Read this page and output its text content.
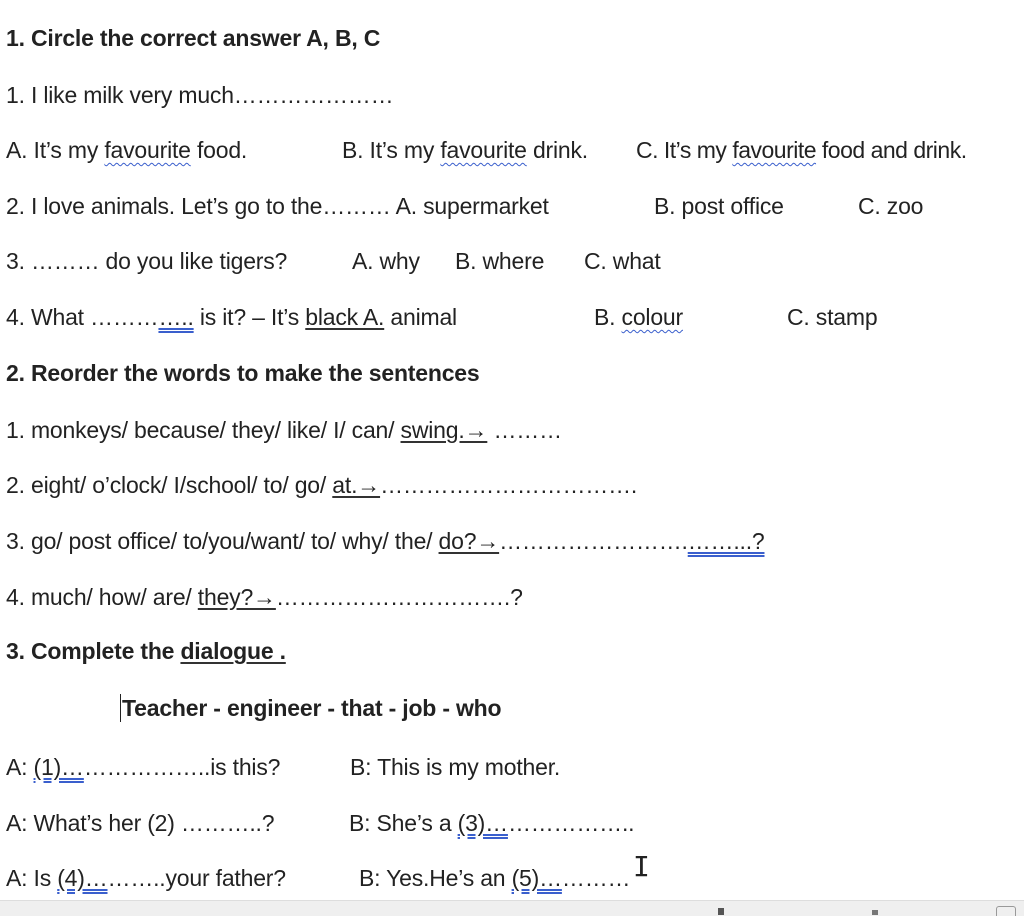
1. Circle the correct answer A, B, C
1. I like milk very much…………………
A. It’s my favourite food.	B. It’s my favourite drink. C. It’s my favourite food and drink.
2. I love animals. Let’s go to the……… A. supermarket	B. post office	C. zoo
3. ……… do you like tigers?	A. why B. where C. what
4. What ………….. is it? – It’s black A. animal	B. colour	C. stamp
2. Reorder the words to make the sentences
1. monkeys/ because/ they/ like/ I/ can/ swing.→ ………
2. eight/ o’clock/ I/school/ to/ go/ at.→…………………………….
3. go/ post office/ to/you/want/ to/ why/ the/ do?→…………………….……...?
4. much/ how/ are/ they?→………………………….?
3. Complete the dialogue .
Teacher - engineer - that - job - who
A: (1)………………..is this?	B: This is my mother.
A: What’s her (2) ………..?	B: She’s a (3)………………..
A: Is (4)………..your father?	B: Yes.He’s an (5)………… I
